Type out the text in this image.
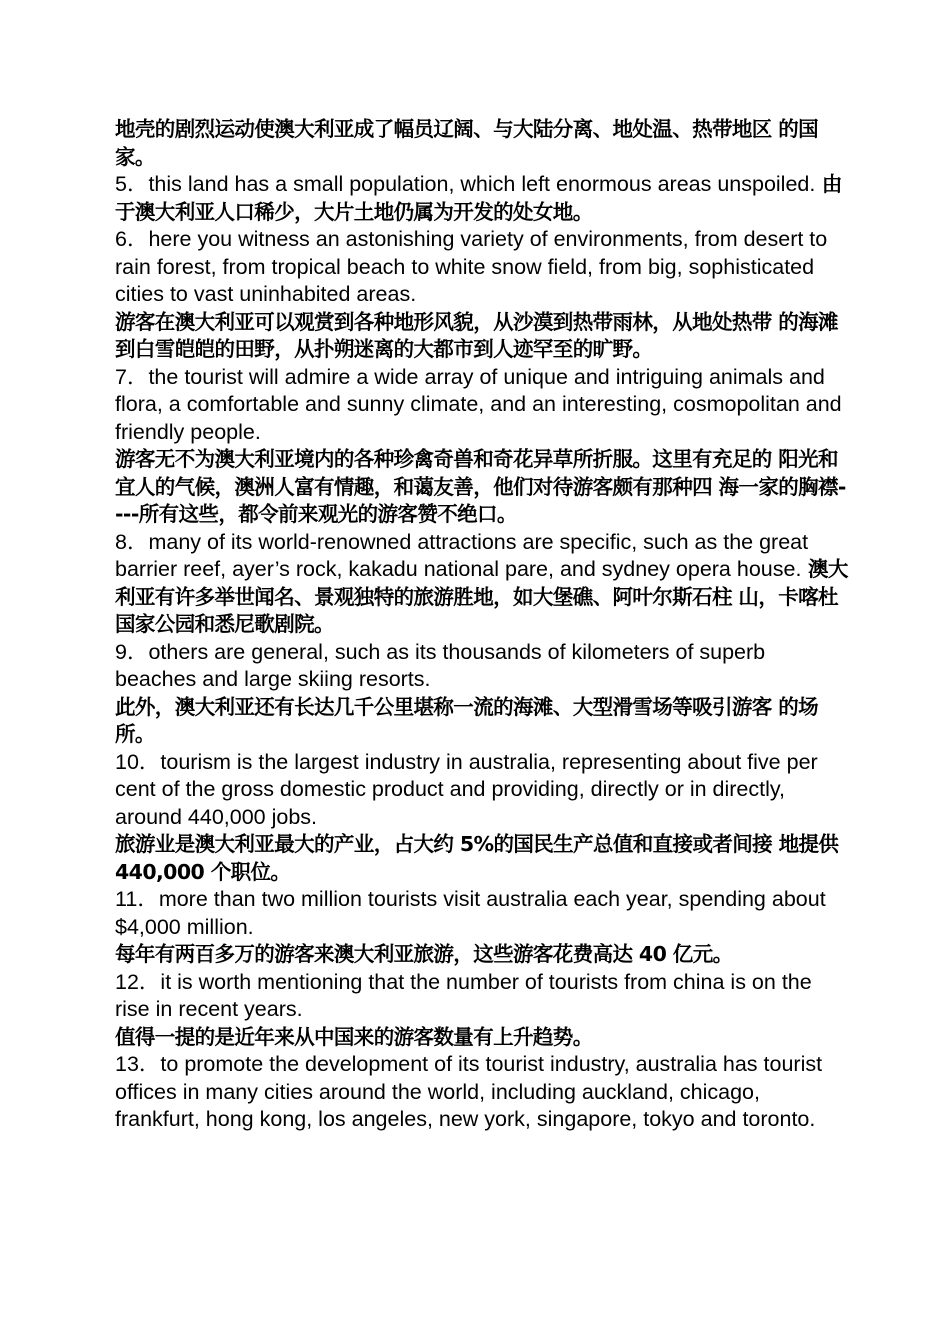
地壳的剧烈运动使澳大利亚成了幅员辽阔、与大陆分离、地处温、热带地区 的国家。

5．this land has a small population, which left enormous areas unspoiled. 由于澳大利亚人口稀少，大片土地仍属为开发的处女地。

6．here you witness an astonishing variety of environments, from desert to rain forest, from tropical beach to white snow field, from big, sophisticated cities to vast uninhabited areas.

游客在澳大利亚可以观赏到各种地形风貌，从沙漠到热带雨林，从地处热带 的海滩到白雪皑皑的田野，从扑朔迷离的大都市到人迹罕至的旷野。

7．the tourist will admire a wide array of unique and intriguing animals and flora, a comfortable and sunny climate, and an interesting, cosmopolitan and friendly people.

游客无不为澳大利亚境内的各种珍禽奇兽和奇花异草所折服。这里有充足的 阳光和宜人的气候，澳洲人富有情趣，和蔼友善，他们对待游客颇有那种四 海一家的胸襟----所有这些，都令前来观光的游客赞不绝口。

8．many of its world-renowned attractions are specific, such as the great barrier reef, ayer’s rock, kakadu national pare, and sydney opera house. 澳大利亚有许多举世闻名、景观独特的旅游胜地，如大堡礁、阿叶尔斯石柱 山，卡喀杜国家公园和悉尼歌剧院。

9．others are general, such as its thousands of kilometers of superb beaches and large skiing resorts.

此外，澳大利亚还有长达几千公里堪称一流的海滩、大型滑雪场等吸引游客 的场所。

10．tourism is the largest industry in australia, representing about five per cent of the gross domestic product and providing, directly or in directly, around 440,000 jobs.

旅游业是澳大利亚最大的产业，占大约 5%的国民生产总值和直接或者间接 地提供 440,000 个职位。

11．more than two million tourists visit australia each year, spending about $4,000 million.

每年有两百多万的游客来澳大利亚旅游，这些游客花费高达 40 亿元。

12．it is worth mentioning that the number of tourists from china is on the rise in recent years.

值得一提的是近年来从中国来的游客数量有上升趋势。

13．to promote the development of its tourist industry, australia has tourist offices in many cities around the world, including auckland, chicago, frankfurt, hong kong, los angeles, new york, singapore, tokyo and toronto.
